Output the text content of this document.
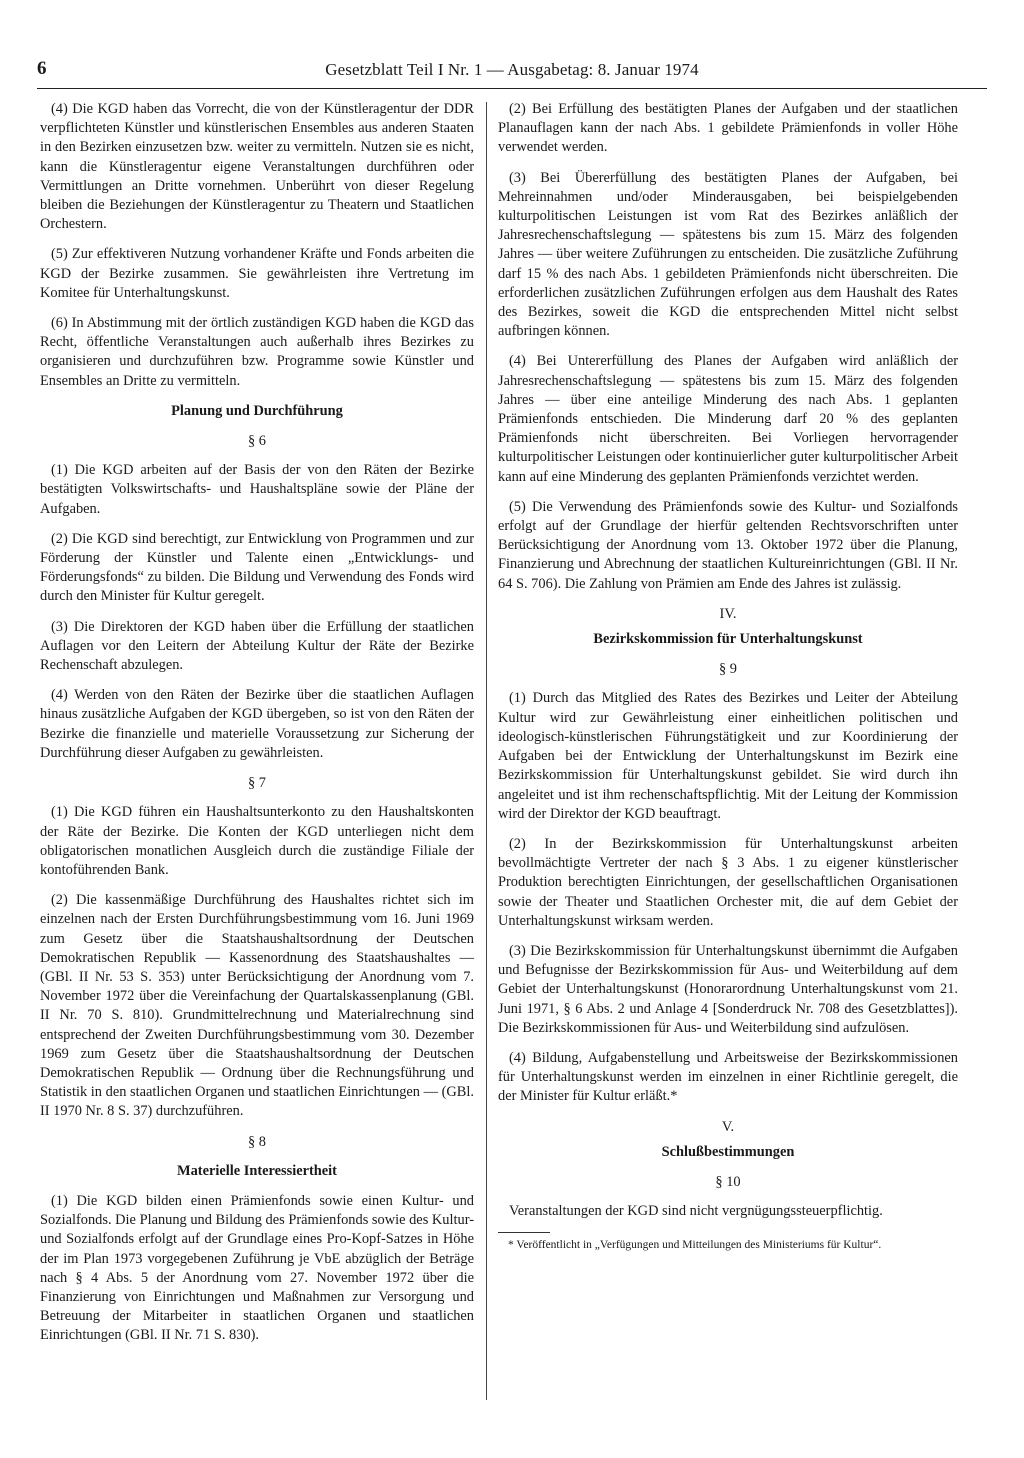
6	Gesetzblatt Teil I Nr. 1 — Ausgabetag: 8. Januar 1974

(4) Die KGD haben das Vorrecht, die von der Künstleragentur der DDR verpflichteten Künstler und künstlerischen Ensembles aus anderen Staaten in den Bezirken einzusetzen bzw. weiter zu vermitteln. Nutzen sie es nicht, kann die Künstleragentur eigene Veranstaltungen durchführen oder Vermittlungen an Dritte vornehmen. Unberührt von dieser Regelung bleiben die Beziehungen der Künstleragentur zu Theatern und Staatlichen Orchestern.

(5) Zur effektiveren Nutzung vorhandener Kräfte und Fonds arbeiten die KGD der Bezirke zusammen. Sie gewährleisten ihre Vertretung im Komitee für Unterhaltungskunst.

(6) In Abstimmung mit der örtlich zuständigen KGD haben die KGD das Recht, öffentliche Veranstaltungen auch außerhalb ihres Bezirkes zu organisieren und durchzuführen bzw. Programme sowie Künstler und Ensembles an Dritte zu vermitteln.

Planung und Durchführung
§ 6

(1) Die KGD arbeiten auf der Basis der von den Räten der Bezirke bestätigten Volkswirtschafts- und Haushaltspläne sowie der Pläne der Aufgaben.

(2) Die KGD sind berechtigt, zur Entwicklung von Programmen und zur Förderung der Künstler und Talente einen „Entwicklungs- und Förderungsfonds“ zu bilden. Die Bildung und Verwendung des Fonds wird durch den Minister für Kultur geregelt.

(3) Die Direktoren der KGD haben über die Erfüllung der staatlichen Auflagen vor den Leitern der Abteilung Kultur der Räte der Bezirke Rechenschaft abzulegen.

(4) Werden von den Räten der Bezirke über die staatlichen Auflagen hinaus zusätzliche Aufgaben der KGD übergeben, so ist von den Räten der Bezirke die finanzielle und materielle Voraussetzung zur Sicherung der Durchführung dieser Aufgaben zu gewährleisten.

§ 7

(1) Die KGD führen ein Haushaltsunterkonto zu den Haushaltskonten der Räte der Bezirke. Die Konten der KGD unterliegen nicht dem obligatorischen monatlichen Ausgleich durch die zuständige Filiale der kontoführenden Bank.

(2) Die kassenmäßige Durchführung des Haushaltes richtet sich im einzelnen nach der Ersten Durchführungsbestimmung vom 16. Juni 1969 zum Gesetz über die Staatshaushaltsordnung der Deutschen Demokratischen Republik — Kassenordnung des Staatshaushaltes — (GBl. II Nr. 53 S. 353) unter Berücksichtigung der Anordnung vom 7. November 1972 über die Vereinfachung der Quartalskassenplanung (GBl. II Nr. 70 S. 810). Grundmittelrechnung und Materialrechnung sind entsprechend der Zweiten Durchführungsbestimmung vom 30. Dezember 1969 zum Gesetz über die Staatshaushaltsordnung der Deutschen Demokratischen Republik — Ordnung über die Rechnungsführung und Statistik in den staatlichen Organen und staatlichen Einrichtungen — (GBl. II 1970 Nr. 8 S. 37) durchzuführen.

§ 8
Materielle Interessiertheit

(1) Die KGD bilden einen Prämienfonds sowie einen Kultur- und Sozialfonds. Die Planung und Bildung des Prämienfonds sowie des Kultur- und Sozialfonds erfolgt auf der Grundlage eines Pro-Kopf-Satzes in Höhe der im Plan 1973 vorgegebenen Zuführung je VbE abzüglich der Beträge nach § 4 Abs. 5 der Anordnung vom 27. November 1972 über die Finanzierung von Einrichtungen und Maßnahmen zur Versorgung und Betreuung der Mitarbeiter in staatlichen Organen und staatlichen Einrichtungen (GBl. II Nr. 71 S. 830).

(2) Bei Erfüllung des bestätigten Planes der Aufgaben und der staatlichen Planauflagen kann der nach Abs. 1 gebildete Prämienfonds in voller Höhe verwendet werden.

(3) Bei Übererfüllung des bestätigten Planes der Aufgaben, bei Mehreinnahmen und/oder Minderausgaben, bei beispielgebenden kulturpolitischen Leistungen ist vom Rat des Bezirkes anläßlich der Jahresrechenschaftslegung — spätestens bis zum 15. März des folgenden Jahres — über weitere Zuführungen zu entscheiden. Die zusätzliche Zuführung darf 15 % des nach Abs. 1 gebildeten Prämienfonds nicht überschreiten. Die erforderlichen zusätzlichen Zuführungen erfolgen aus dem Haushalt des Rates des Bezirkes, soweit die KGD die entsprechenden Mittel nicht selbst aufbringen können.

(4) Bei Untererfüllung des Planes der Aufgaben wird anläßlich der Jahresrechenschaftslegung — spätestens bis zum 15. März des folgenden Jahres — über eine anteilige Minderung des nach Abs. 1 geplanten Prämienfonds entschieden. Die Minderung darf 20 % des geplanten Prämienfonds nicht überschreiten. Bei Vorliegen hervorragender kulturpolitischer Leistungen oder kontinuierlicher guter kulturpolitischer Arbeit kann auf eine Minderung des geplanten Prämienfonds verzichtet werden.

(5) Die Verwendung des Prämienfonds sowie des Kultur- und Sozialfonds erfolgt auf der Grundlage der hierfür geltenden Rechtsvorschriften unter Berücksichtigung der Anordnung vom 13. Oktober 1972 über die Planung, Finanzierung und Abrechnung der staatlichen Kultureinrichtungen (GBl. II Nr. 64 S. 706). Die Zahlung von Prämien am Ende des Jahres ist zulässig.

IV.
Bezirkskommission für Unterhaltungskunst
§ 9

(1) Durch das Mitglied des Rates des Bezirkes und Leiter der Abteilung Kultur wird zur Gewährleistung einer einheitlichen politischen und ideologisch-künstlerischen Führungstätigkeit und zur Koordinierung der Aufgaben bei der Entwicklung der Unterhaltungskunst im Bezirk eine Bezirkskommission für Unterhaltungskunst gebildet. Sie wird durch ihn angeleitet und ist ihm rechenschaftspflichtig. Mit der Leitung der Kommission wird der Direktor der KGD beauftragt.

(2) In der Bezirkskommission für Unterhaltungskunst arbeiten bevollmächtigte Vertreter der nach § 3 Abs. 1 zu eigener künstlerischer Produktion berechtigten Einrichtungen, der gesellschaftlichen Organisationen sowie der Theater und Staatlichen Orchester mit, die auf dem Gebiet der Unterhaltungskunst wirksam werden.

(3) Die Bezirkskommission für Unterhaltungskunst übernimmt die Aufgaben und Befugnisse der Bezirkskommission für Aus- und Weiterbildung auf dem Gebiet der Unterhaltungskunst (Honorarordnung Unterhaltungskunst vom 21. Juni 1971, § 6 Abs. 2 und Anlage 4 [Sonderdruck Nr. 708 des Gesetzblattes]). Die Bezirkskommissionen für Aus- und Weiterbildung sind aufzulösen.

(4) Bildung, Aufgabenstellung und Arbeitsweise der Bezirkskommissionen für Unterhaltungskunst werden im einzelnen in einer Richtlinie geregelt, die der Minister für Kultur erläßt.*

V.
Schlußbestimmungen
§ 10

Veranstaltungen der KGD sind nicht vergnügungssteuerpflichtig.

* Veröffentlicht in „Verfügungen und Mitteilungen des Ministeriums für Kultur“.
